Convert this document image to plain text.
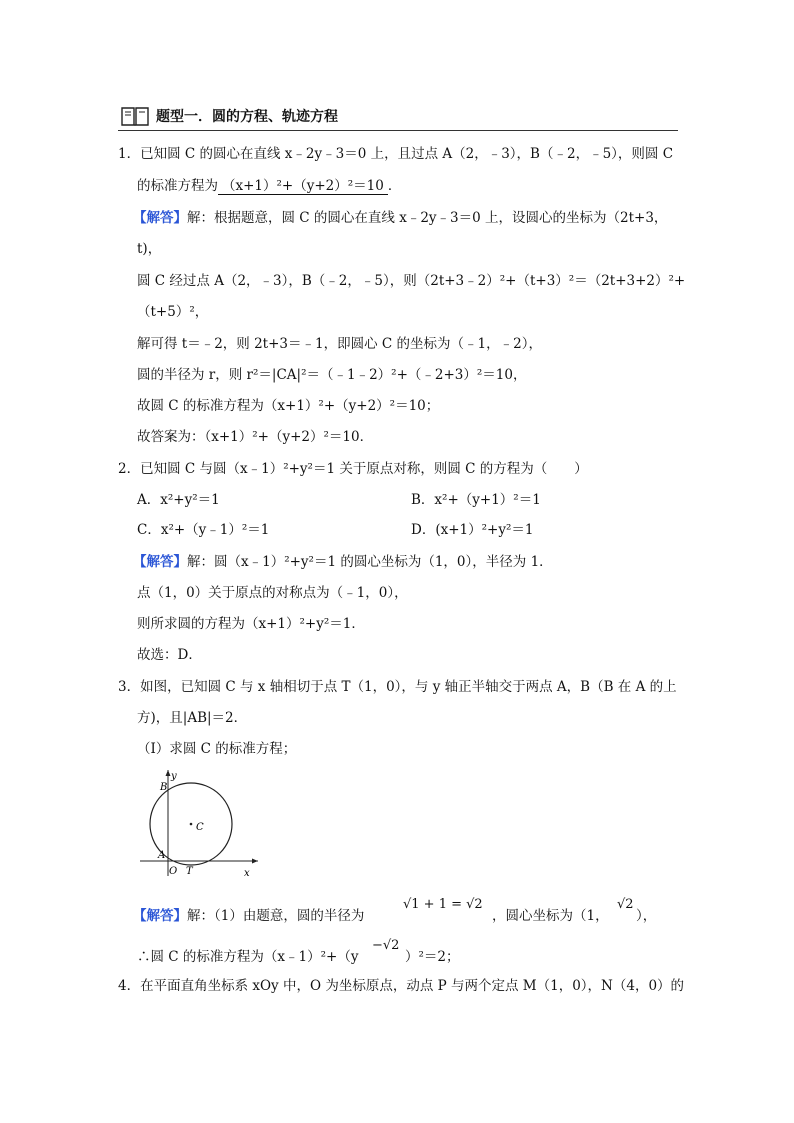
题型一．圆的方程、轨迹方程
1．已知圆 C 的圆心在直线 x﹣2y﹣3＝0 上，且过点 A（2，﹣3），B（﹣2，﹣5），则圆 C
的标准方程为 （x+1）²+（y+2）²＝10 ．
【解答】解：根据题意，圆 C 的圆心在直线 x﹣2y﹣3＝0 上，设圆心的坐标为（2t+3，
t)，
圆 C 经过点 A（2，﹣3），B（﹣2，﹣5），则（2t+3﹣2）²+（t+3）²＝（2t+3+2）²+
（t+5）²，
解可得 t＝﹣2，则 2t+3＝﹣1，即圆心 C 的坐标为（﹣1，﹣2），
圆的半径为 r，则 r²＝|CA|²＝（﹣1﹣2）²+（﹣2+3）²＝10，
故圆 C 的标准方程为（x+1）²+（y+2）²＝10；
故答案为：（x+1）²+（y+2）²＝10．
2．已知圆 C 与圆（x﹣1）²+y²＝1 关于原点对称，则圆 C 的方程为（　　）
A．x²+y²＝1	B．x²+（y+1）²＝1
C．x²+（y﹣1）²＝1	D．(x+1）²+y²＝1
【解答】解：圆（x﹣1）²+y²＝1 的圆心坐标为（1，0），半径为 1．
点（1，0）关于原点的对称点为（﹣1，0），
则所求圆的方程为（x+1）²+y²＝1．
故选：D．
3．如图，已知圆 C 与 x 轴相切于点 T（1，0），与 y 轴正半轴交于两点 A，B（B 在 A 的上
方)，且|AB|＝2．
（Ⅰ）求圆 C 的标准方程；
B
A
C
O T	x
y
【解答】解：（1）由题意，圆的半径为
√1 + 1 = √2
，圆心坐标为（1，
√2
），
∴圆 C 的标准方程为（x﹣1）²+（y
−√2
）²＝2；
4．在平面直角坐标系 xOy 中，O 为坐标原点，动点 P 与两个定点 M（1，0），N（4，0）的
